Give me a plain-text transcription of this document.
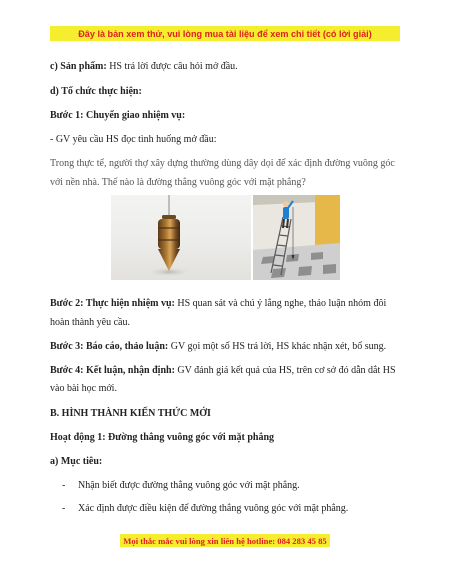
Đây là bản xem thử, vui lòng mua tài liệu để xem chi tiết (có lời giải)
c) Sản phẩm: HS trả lời được câu hỏi mở đầu.
d) Tổ chức thực hiện:
Bước 1: Chuyển giao nhiệm vụ:
- GV yêu cầu HS đọc tình huống mở đầu:
Trong thực tế, người thợ xây dựng thường dùng dây dọi để xác định đường vuông góc
với nền nhà. Thế nào là đường thẳng vuông góc với mặt phẳng?
Bước 2: Thực hiện nhiệm vụ: HS quan sát và chú ý lắng nghe, thảo luận nhóm đôi
hoàn thành yêu cầu.
Bước 3: Báo cáo, thảo luận: GV gọi một số HS trả lời, HS khác nhận xét, bổ sung.
Bước 4: Kết luận, nhận định: GV đánh giá kết quả của HS, trên cơ sở đó dẫn dắt HS
vào bài học mới.
B. HÌNH THÀNH KIẾN THỨC MỚI
Hoạt động 1: Đường thẳng vuông góc với mặt phẳng
a) Mục tiêu:
- Nhận biết được đường thẳng vuông góc với mặt phẳng.
- Xác định được điều kiện để đường thẳng vuông góc với mặt phẳng.
Mọi thắc mắc vui lòng xin liên hệ hotline: 084 283 45 85
